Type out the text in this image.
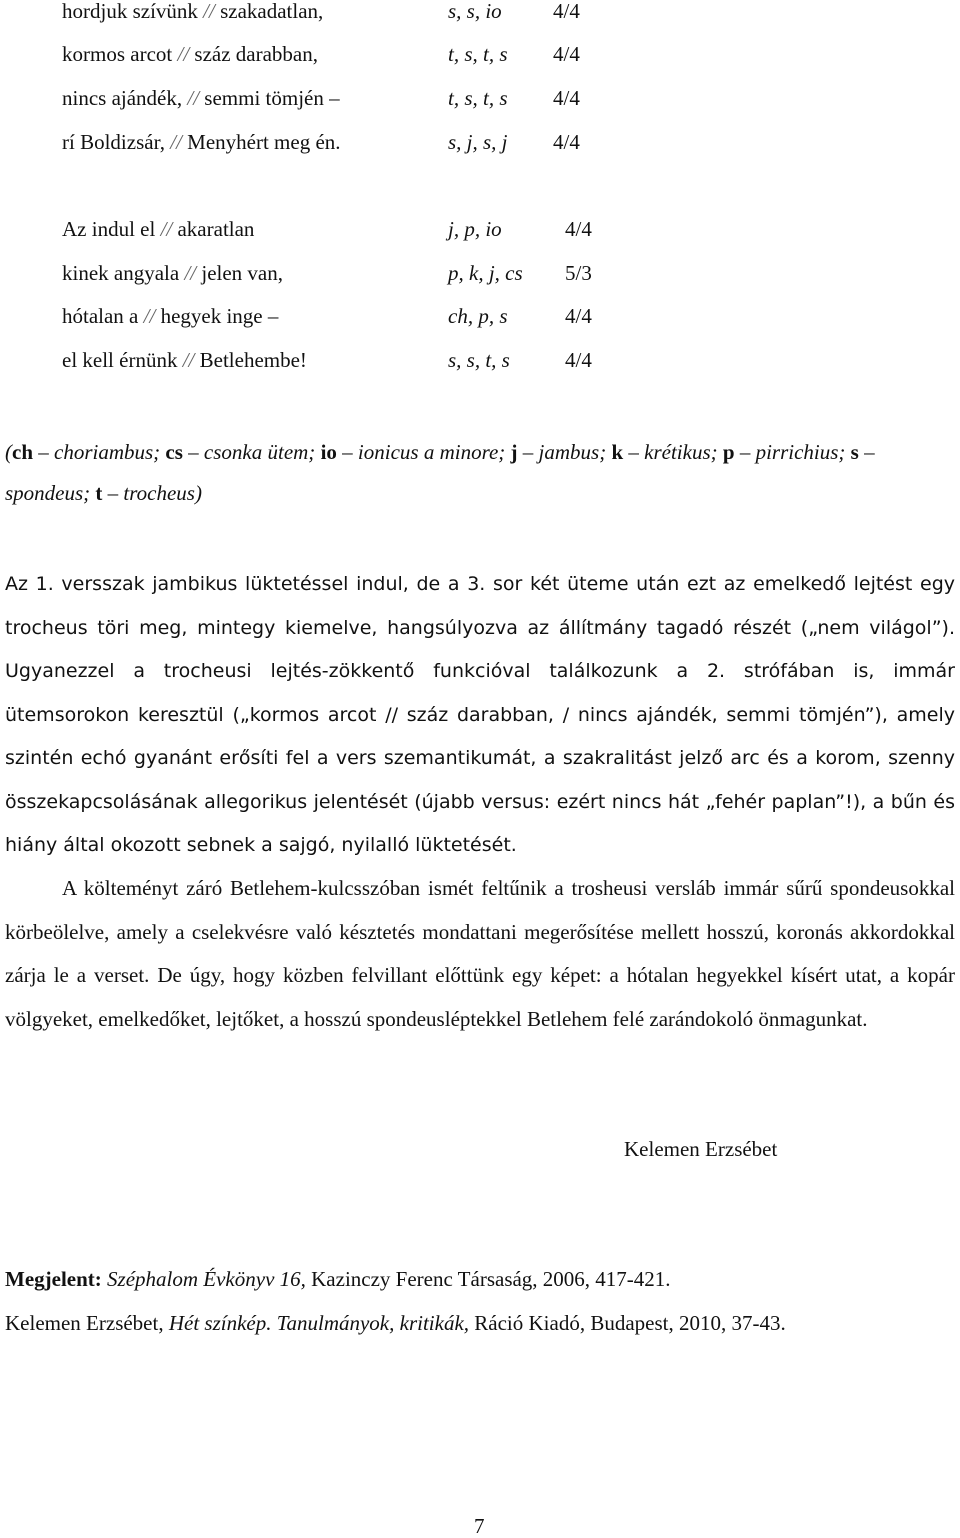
hordjuk szívünk // szakadatlan,	s, s, io 4/4
kormos arcot // száz darabban,	t, s, t, s 4/4
nincs ajándék, // semmi tömjén –	t, s, t, s 4/4
rí Boldizsár, // Menyhért meg én.	s, j, s, j 4/4
Az indul el // akaratlan	j, p, io	4/4
kinek angyala // jelen van,	p, k, j, cs 5/3
hótalan a // hegyek inge –	ch, p, s	4/4
el kell érnünk // Betlehembe!	s, s, t, s	4/4
(ch – choriambus; cs – csonka ütem; io – ionicus a minore; j – jambus; k – krétikus; p – pirrichius; s – spondeus; t – trocheus)
Az 1. versszak jambikus lüktetéssel indul, de a 3. sor két üteme után ezt az emelkedő lejtést egy trocheus töri meg, mintegy kiemelve, hangsúlyozva az állítmány tagadó részét („nem világol”). Ugyanezzel a trocheusi lejtés-zökkentő funkcióval találkozunk a 2. strófában is, immár ütemsorokon keresztül („kormos arcot // száz darabban, / nincs ajándék, semmi tömjén”), amely szintén echó gyanánt erősíti fel a vers szemantikumát, a szakralitást jelző arc és a korom, szenny összekapcsolásának allegorikus jelentését (újabb versus: ezért nincs hát „fehér paplan”!), a bűn és hiány által okozott sebnek a sajgó, nyilalló lüktetését.
A költeményt záró Betlehem-kulcsszóban ismét feltűnik a trosheusi versláb immár sűrű spondeusokkal körbeölelve, amely a cselekvésre való késztetés mondattani megerősítése mellett hosszú, koronás akkordokkal zárja le a verset. De úgy, hogy közben felvillant előttünk egy képet: a hótalan hegyekkel kísért utat, a kopár völgyeket, emelkedőket, lejtőket, a hosszú spondeusléptekkel Betlehem felé zarándokoló önmagunkat.
Kelemen Erzsébet
Megjelent: Széphalom Évkönyv 16, Kazinczy Ferenc Társaság, 2006, 417-421.
Kelemen Erzsébet, Hét színkép. Tanulmányok, kritikák, Ráció Kiadó, Budapest, 2010, 37-43.
7
